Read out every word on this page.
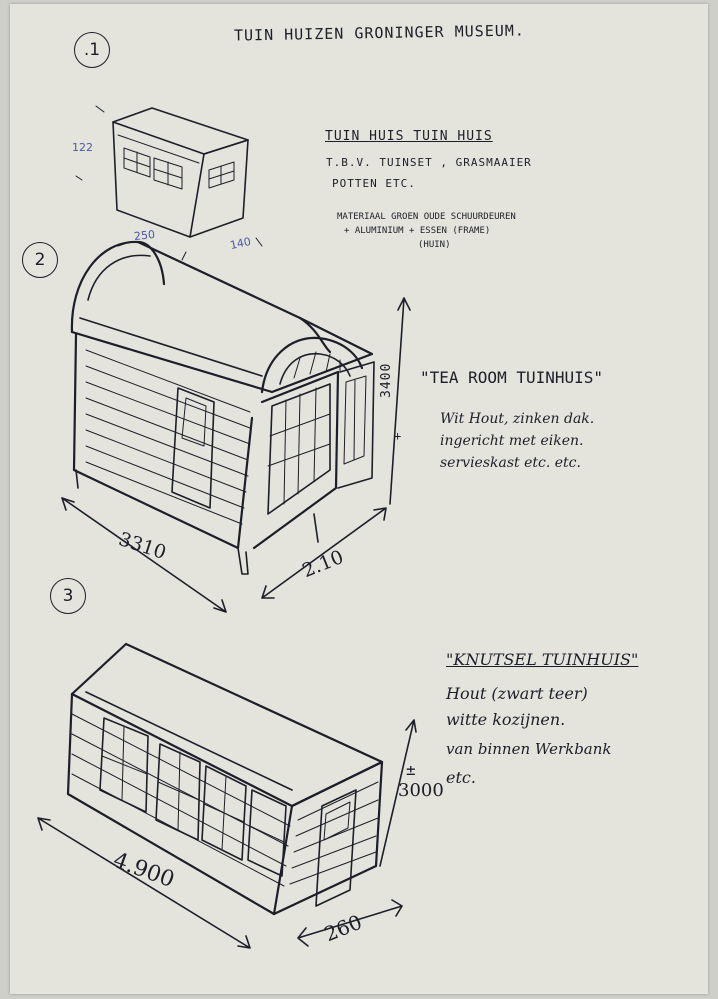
TUIN HUIZEN GRONINGER MUSEUM.
.1
122
250	140
TUIN HUIS TUIN HUIS
T.B.V. TUINSET , GRASMAAIER
POTTEN ETC.
MATERIAAL GROEN OUDE SCHUURDEUREN
+ ALUMINIUM + ESSEN (FRAME)
(HUIN)
2
"TEA ROOM TUINHUIS"
Wit Hout, zinken dak.
ingericht met eiken.
servieskast etc. etc.
+
3400
3310	2.10
3
"KNUTSEL TUINHUIS"
Hout (zwart teer)
witte kozijnen.
van binnen Werkbank
etc.
±
3000
4.900
260
